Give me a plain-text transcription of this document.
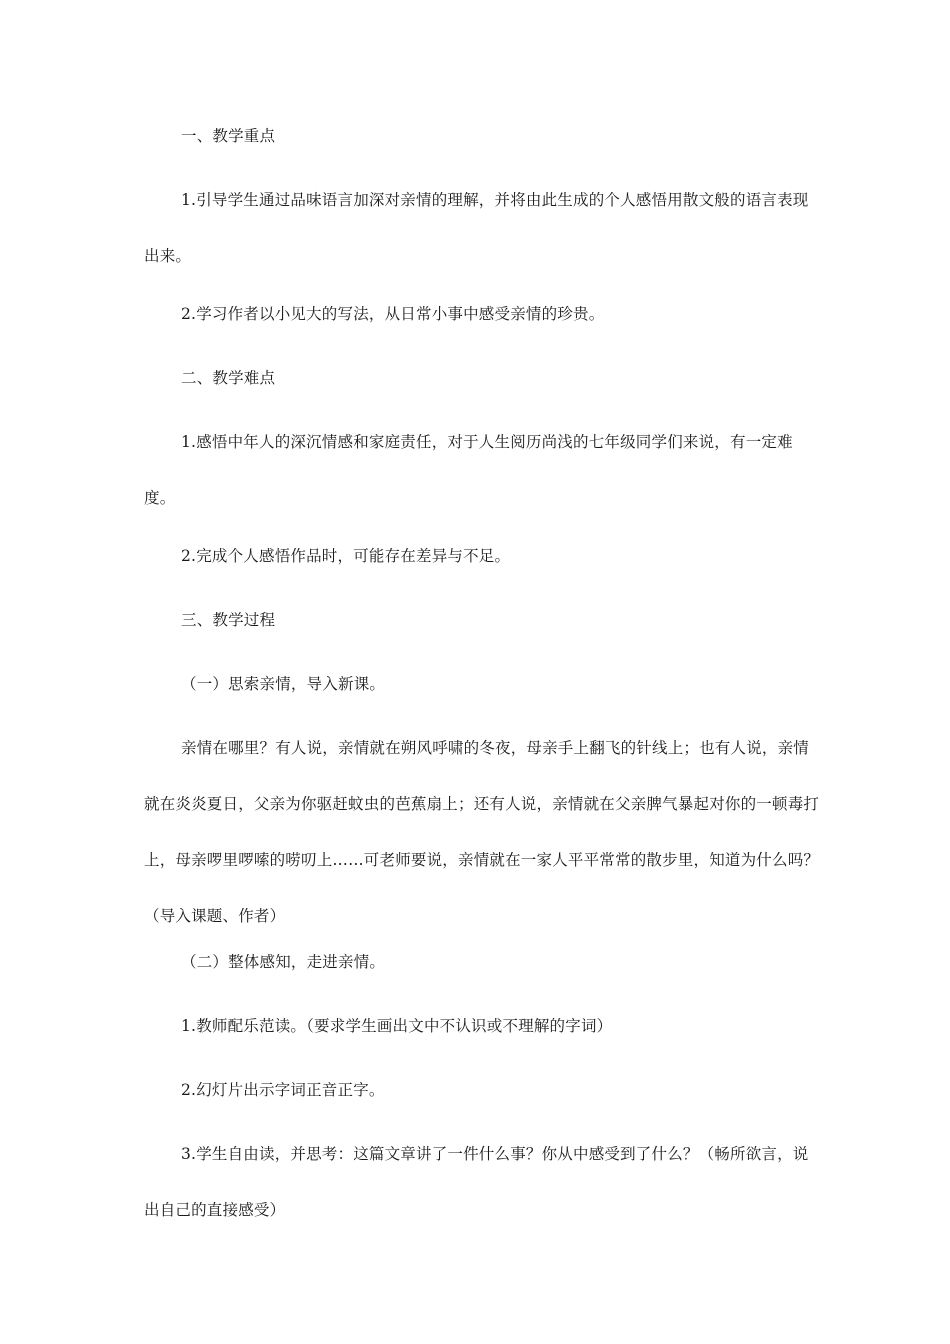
一、教学重点

1.引导学生通过品味语言加深对亲情的理解，并将由此生成的个人感悟用散文般的语言表现出来。

2.学习作者以小见大的写法，从日常小事中感受亲情的珍贵。

二、教学难点

1.感悟中年人的深沉情感和家庭责任，对于人生阅历尚浅的七年级同学们来说，有一定难度。

2.完成个人感悟作品时，可能存在差异与不足。

三、教学过程

（一）思索亲情，导入新课。

亲情在哪里？有人说，亲情就在朔风呼啸的冬夜，母亲手上翻飞的针线上；也有人说，亲情就在炎炎夏日，父亲为你驱赶蚊虫的芭蕉扇上；还有人说，亲情就在父亲脾气暴起对你的一顿毒打上，母亲啰里啰嗦的唠叨上……可老师要说，亲情就在一家人平平常常的散步里，知道为什么吗？（导入课题、作者）

（二）整体感知，走进亲情。

1.教师配乐范读。（要求学生画出文中不认识或不理解的字词）

2.幻灯片出示字词正音正字。

3.学生自由读，并思考：这篇文章讲了一件什么事？你从中感受到了什么？（畅所欲言，说出自己的直接感受）
